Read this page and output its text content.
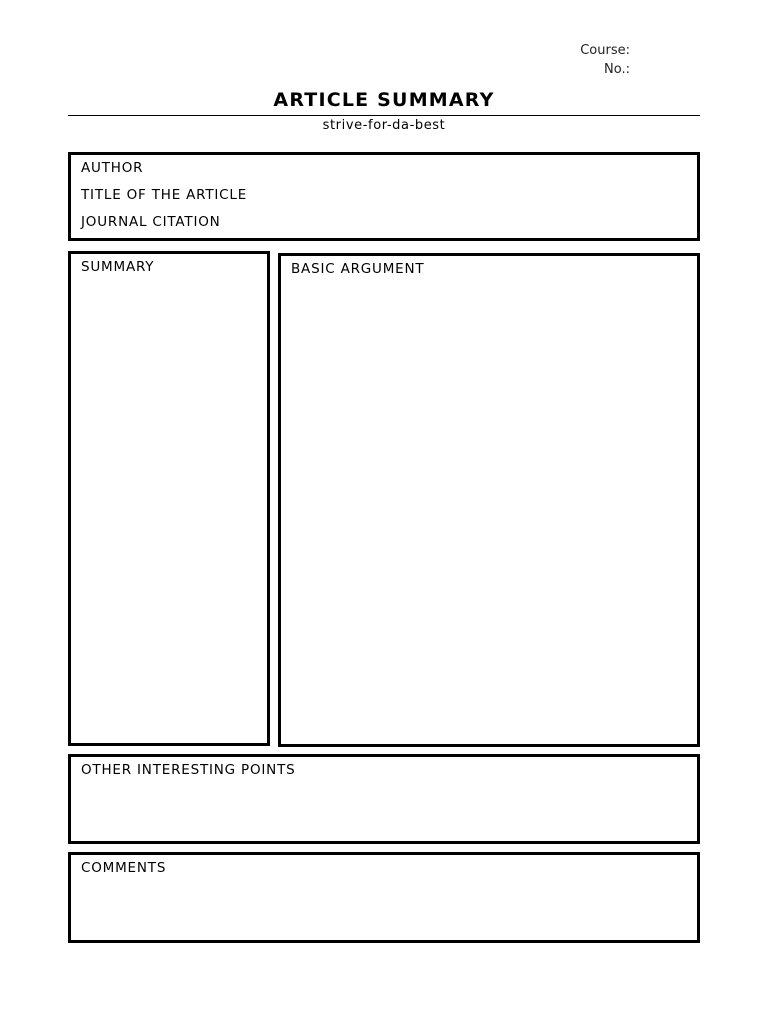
Course:
No.:
ARTICLE SUMMARY
strive-for-da-best
AUTHOR
TITLE OF THE ARTICLE
JOURNAL CITATION
SUMMARY	BASIC ARGUMENT
OTHER INTERESTING POINTS
COMMENTS
